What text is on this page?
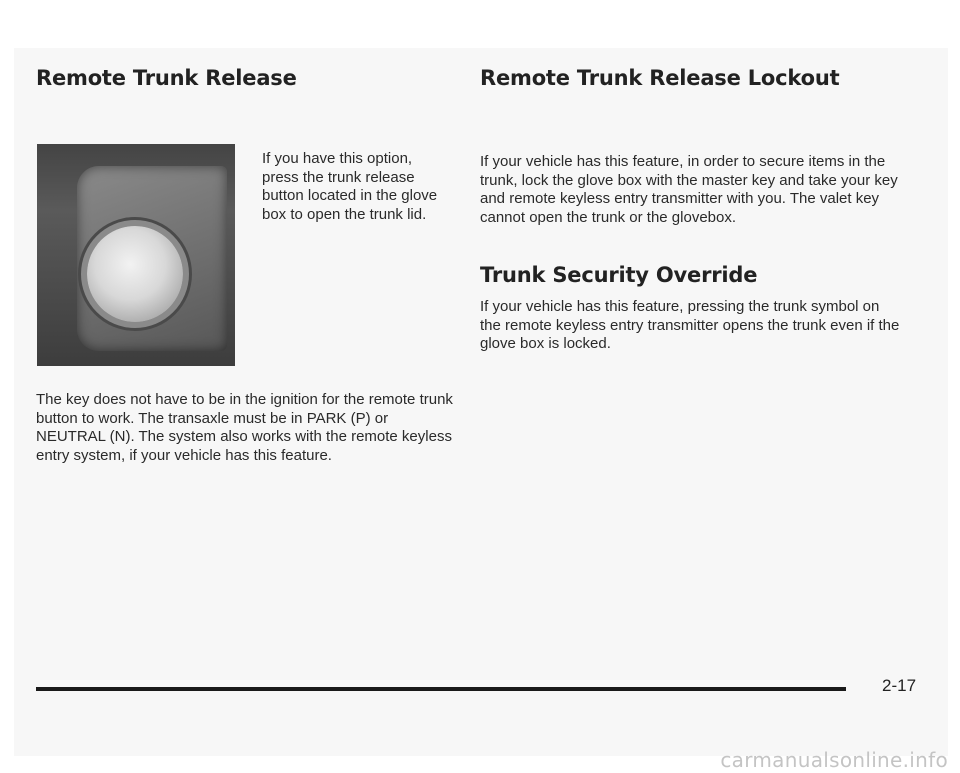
Remote Trunk Release

If you have this option, press the trunk release button located in the glove box to open the trunk lid.

The key does not have to be in the ignition for the remote trunk button to work. The transaxle must be in PARK (P) or NEUTRAL (N). The system also works with the remote keyless entry system, if your vehicle has this feature.

Remote Trunk Release Lockout

If your vehicle has this feature, in order to secure items in the trunk, lock the glove box with the master key and take your key and remote keyless entry transmitter with you. The valet key cannot open the trunk or the glovebox.

Trunk Security Override

If your vehicle has this feature, pressing the trunk symbol on the remote keyless entry transmitter opens the trunk even if the glove box is locked.

2-17
carmanualsonline.info
